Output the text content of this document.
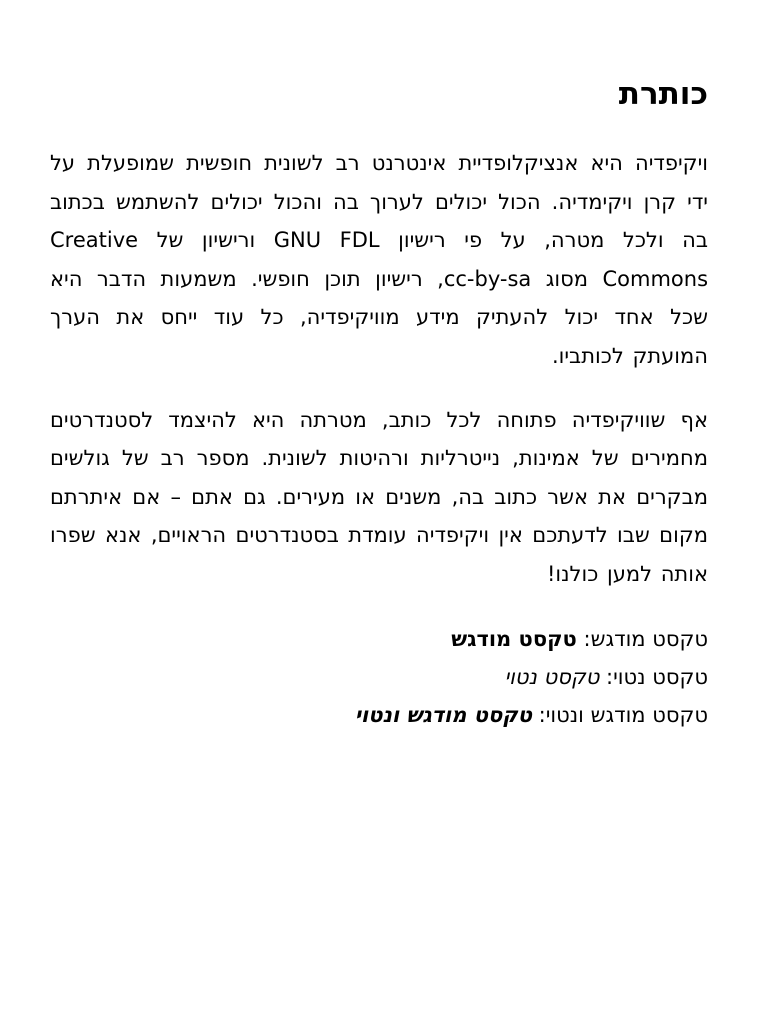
כותרת

ויקיפדיה היא אנציקלופדיית אינטרנט רב לשונית חופשית שמופעלת על ידי קרן ויקימדיה. הכול יכולים לערוך בה והכול יכולים להשתמש בכתוב בה ולכל מטרה, על פי רישיון GNU FDL ורישיון של Creative Commons מסוג cc-by-sa, רישיון תוכן חופשי. משמעות הדבר היא שכל אחד יכול להעתיק מידע מוויקיפדיה, כל עוד ייחס את הערך המועתק לכותביו.

אף שוויקיפדיה פתוחה לכל כותב, מטרתה היא להיצמד לסטנדרטים מחמירים של אמינות, נייטרליות ורהיטות לשונית. מספר רב של גולשים מבקרים את אשר כתוב בה, משנים או מעירים. גם אתם – אם איתרתם מקום שבו לדעתכם אין ויקיפדיה עומדת בסטנדרטים הראויים, אנא שפרו אותה למען כולנו!

טקסט מודגש: טקסט מודגש
טקסט נטוי: טקסט נטוי
טקסט מודגש ונטוי: טקסט מודגש ונטוי
